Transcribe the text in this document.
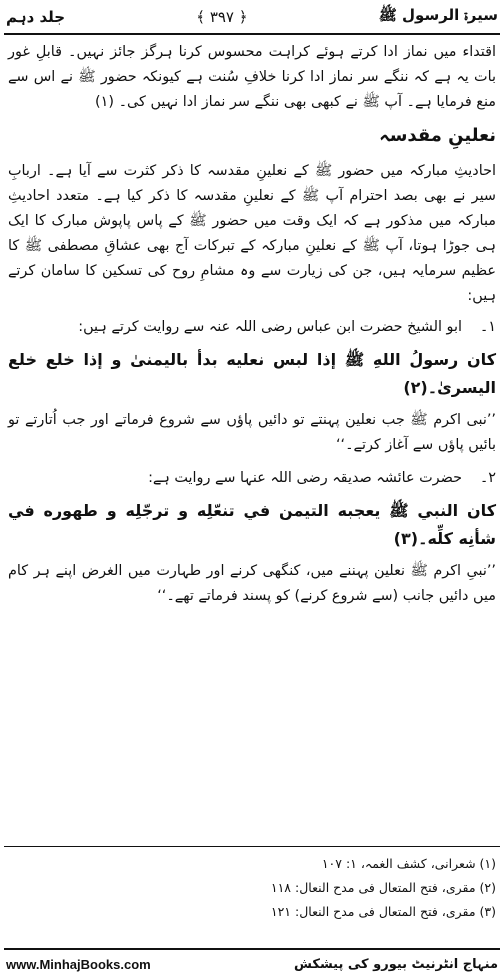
سیرۃ الرسول ﷺ
﴿ ۳۹۷ ﴾
جلد دہم

اقتداء میں نماز ادا کرتے ہوئے کراہت محسوس کرنا ہرگز جائز نہیں۔ قابلِ غور بات یہ ہے کہ ننگے سر نماز ادا کرنا خلافِ سُنت ہے کیونکہ حضور ﷺ نے اس سے منع فرمایا ہے۔ آپ ﷺ نے کبھی بھی ننگے سر نماز ادا نہیں کی۔ (۱)

نعلینِ مقدسہ

احادیثِ مبارکہ میں حضور ﷺ کے نعلینِ مقدسہ کا ذکر کثرت سے آیا ہے۔ اربابِ سیر نے بھی بصد احترام آپ ﷺ کے نعلینِ مقدسہ کا ذکر کیا ہے۔ متعدد احادیثِ مبارکہ میں مذکور ہے کہ ایک وقت میں حضور ﷺ کے پاس پاپوش مبارک کا ایک ہی جوڑا ہوتا، آپ ﷺ کے نعلینِ مبارکہ کے تبرکات آج بھی عشاقِ مصطفی ﷺ کا عظیم سرمایہ ہیں، جن کی زیارت سے وہ مشامِ روح کی تسکین کا سامان کرتے ہیں:

۱۔
ابو الشیخ حضرت ابن عباس رضی اللہ عنہ سے روایت کرتے ہیں:

كان رسولُ اللهِ ﷺ إذا لبس نعليه بدأ باليمنىٰ و إذا خلع خلع اليسرىٰ۔(۲)

’’نبی اکرم ﷺ جب نعلین پہنتے تو دائیں پاؤں سے شروع فرماتے اور جب اُتارتے تو بائیں پاؤں سے آغاز کرتے۔‘‘

۲۔
حضرت عائشہ صدیقہ رضی اللہ عنہا سے روایت ہے:

كان النبي ﷺ يعجبه التيمن في تنعّلِه و ترجّلِه و طهوره في شأنِه كلِّه۔(۳)

’’نبیِ اکرم ﷺ نعلین پہننے میں، کنگھی کرنے اور طہارت میں الغرض اپنے ہر کام میں دائیں جانب (سے شروع کرنے) کو پسند فرماتے تھے۔‘‘

(۱) شعرانی، کشف الغمہ، ۱: ۱۰۷
(۲) مقری، فتح المتعال فی مدح النعال: ۱۱۸
(۳) مقری، فتح المتعال فی مدح النعال: ۱۲۱
www.MinhajBooks.com	منہاج انٹرنیٹ بیورو کی پیشکش
